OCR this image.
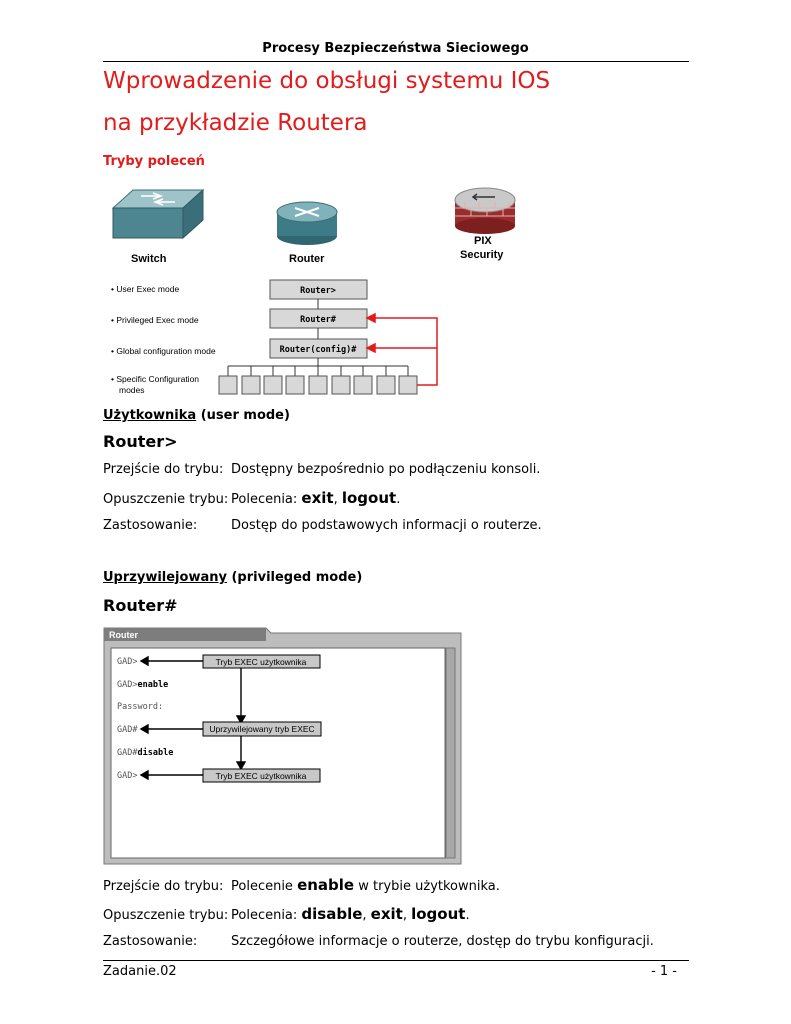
Procesy Bezpieczeństwa Sieciowego
Wprowadzenie do obsługi systemu IOS
na przykładzie Routera
Tryby poleceń
Switch	Router
PIX
Security
• User Exec mode
• Privileged Exec mode
• Global configuration mode
• Specific Configuration
modes
Router>
Router#
Router(config)#
Użytkownika (user mode)
Router>
Przejście do trybu: Dostępny bezpośrednio po podłączeniu konsoli.
Opuszczenie trybu: Polecenia: exit, logout.
Zastosowanie:	Dostęp do podstawowych informacji o routerze.
Uprzywilejowany (privileged mode)
Router#
Router
GAD>
GAD>enable
Password:
GAD#
GAD#disable
GAD>
Tryb EXEC użytkownika
Uprzywilejowany tryb EXEC
Tryb EXEC użytkownika
Przejście do trybu: Polecenie enable w trybie użytkownika.
Opuszczenie trybu: Polecenia: disable, exit, logout.
Zastosowanie:	Szczegółowe informacje o routerze, dostęp do trybu konfiguracji.
Zadanie.02	- 1 -
